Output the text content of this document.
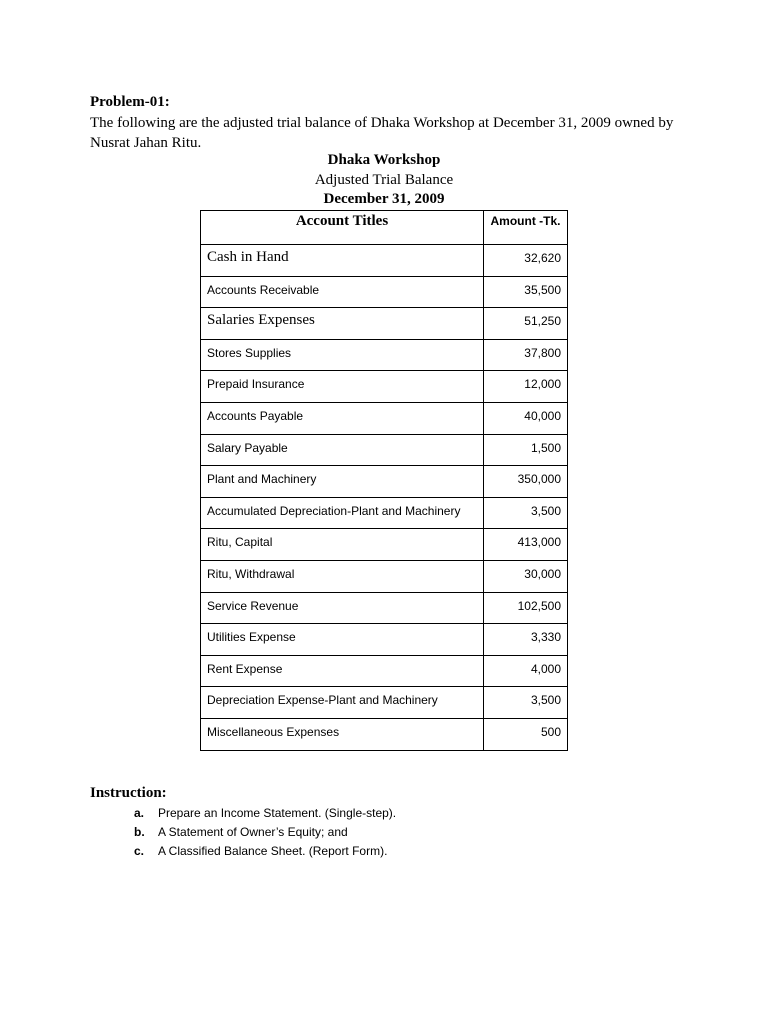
Problem-01:
The following are the adjusted trial balance of Dhaka Workshop at December 31, 2009 owned by Nusrat Jahan Ritu.
Dhaka Workshop
Adjusted Trial Balance
December 31, 2009
Account Titles	Amount -Tk.
Cash in Hand	32,620
Accounts Receivable	35,500
Salaries Expenses	51,250
Stores Supplies	37,800
Prepaid Insurance	12,000
Accounts Payable	40,000
Salary Payable	1,500
Plant and Machinery	350,000
Accumulated Depreciation-Plant and Machinery	3,500
Ritu, Capital	413,000
Ritu, Withdrawal	30,000
Service Revenue	102,500
Utilities Expense	3,330
Rent Expense	4,000
Depreciation Expense-Plant and Machinery	3,500
Miscellaneous Expenses	500
Instruction:
a.	Prepare an Income Statement. (Single-step).
b.	A Statement of Owner’s Equity; and
c.	A Classified Balance Sheet. (Report Form).
